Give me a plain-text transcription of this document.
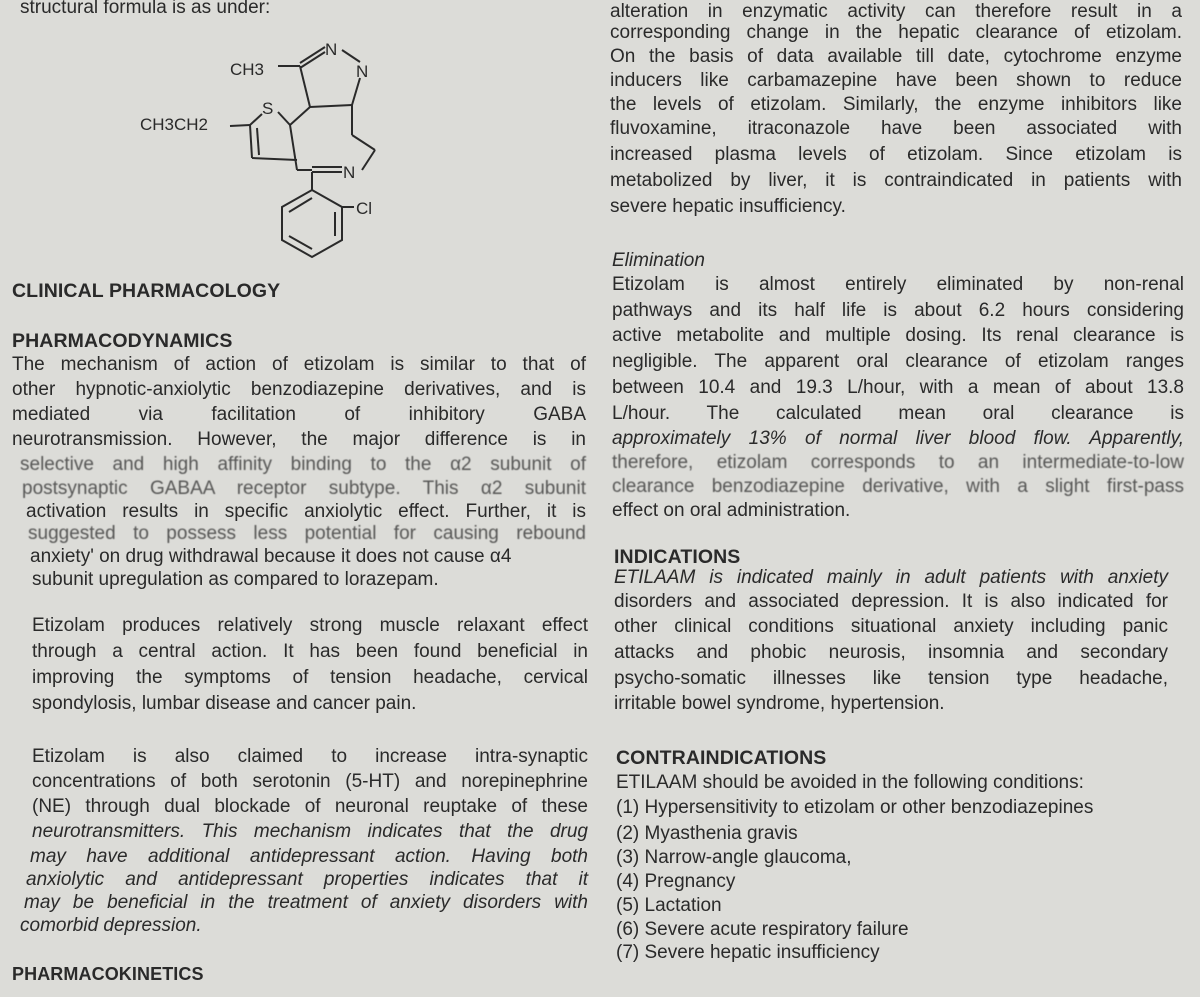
structural formula is as under:
N
N
N
S
CH3
CH3CH2
Cl
CLINICAL PHARMACOLOGY
PHARMACODYNAMICS
The mechanism of action of etizolam is similar to that of
other hypnotic-anxiolytic benzodiazepine derivatives, and is
mediated via facilitation of inhibitory GABA
neurotransmission. However, the major difference is in
selective and high affinity binding to the α2 subunit of
postsynaptic GABAA receptor subtype. This α2 subunit
activation results in specific anxiolytic effect. Further, it is
suggested to possess less potential for causing rebound
anxiety' on drug withdrawal because it does not cause α4
subunit upregulation as compared to lorazepam.
Etizolam produces relatively strong muscle relaxant effect
through a central action. It has been found beneficial in
improving the symptoms of tension headache, cervical
spondylosis, lumbar disease and cancer pain.
Etizolam is also claimed to increase intra-synaptic
concentrations of both serotonin (5-HT) and norepinephrine
(NE) through dual blockade of neuronal reuptake of these
neurotransmitters. This mechanism indicates that the drug
may have additional antidepressant action. Having both
anxiolytic and antidepressant properties indicates that it
may be beneficial in the treatment of anxiety disorders with
comorbid depression.
PHARMACOKINETICS
alteration in enzymatic activity can therefore result in a
corresponding change in the hepatic clearance of etizolam.
On the basis of data available till date, cytochrome enzyme
inducers like carbamazepine have been shown to reduce
the levels of etizolam. Similarly, the enzyme inhibitors like
fluvoxamine, itraconazole have been associated with
increased plasma levels of etizolam. Since etizolam is
metabolized by liver, it is contraindicated in patients with
severe hepatic insufficiency.
Elimination
Etizolam is almost entirely eliminated by non-renal
pathways and its half life is about 6.2 hours considering
active metabolite and multiple dosing. Its renal clearance is
negligible. The apparent oral clearance of etizolam ranges
between 10.4 and 19.3 L/hour, with a mean of about 13.8
L/hour. The calculated mean oral clearance is
approximately 13% of normal liver blood flow. Apparently,
therefore, etizolam corresponds to an intermediate-to-low
clearance benzodiazepine derivative, with a slight first-pass
effect on oral administration.
INDICATIONS
ETILAAM is indicated mainly in adult patients with anxiety
disorders and associated depression. It is also indicated for
other clinical conditions situational anxiety including panic
attacks and phobic neurosis, insomnia and secondary
psycho-somatic illnesses like tension type headache,
irritable bowel syndrome, hypertension.
CONTRAINDICATIONS
ETILAAM should be avoided in the following conditions:
(1) Hypersensitivity to etizolam or other benzodiazepines
(2) Myasthenia gravis
(3) Narrow-angle glaucoma,
(4) Pregnancy
(5) Lactation
(6) Severe acute respiratory failure
(7) Severe hepatic insufficiency
